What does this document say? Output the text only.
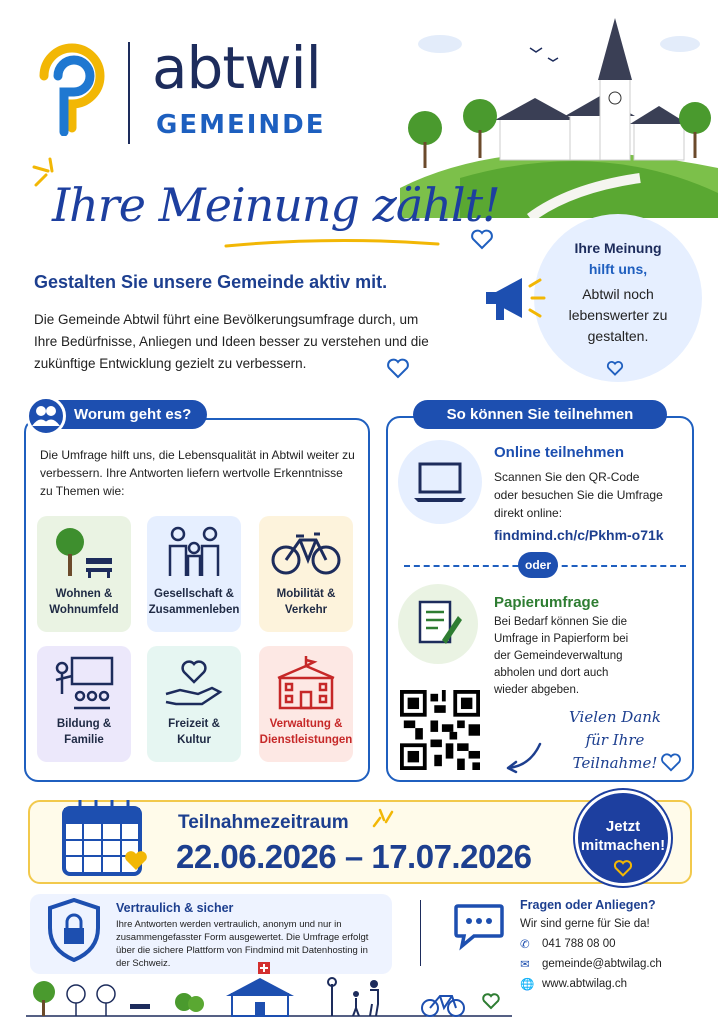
abtwil
GEMEINDE
Ihre Meinung zählt!
Gestalten Sie unsere Gemeinde aktiv mit.
Die Gemeinde Abtwil führt eine Bevölkerungsumfrage durch, um Ihre Bedürfnisse, Anliegen und Ideen besser zu verstehen und die zukünftige Entwicklung gezielt zu verbessern.
Ihre Meinung
hilft uns,
Abtwil noch lebenswerter zu gestalten.
Worum geht es?
Die Umfrage hilft uns, die Lebensqualität in Abtwil weiter zu verbessern. Ihre Antworten liefern wertvolle Erkenntnisse zu Themen wie:
Wohnen &
Wohnumfeld
Gesellschaft &
Zusammenleben
Mobilität &
Verkehr
Bildung &
Familie
Freizeit &
Kultur
Verwaltung &
Dienstleistungen
So können Sie teilnehmen
Online teilnehmen
Scannen Sie den QR-Code oder besuchen Sie die Umfrage direkt online:
findmind.ch/c/Pkhm-o71k
oder
Papierumfrage
Bei Bedarf können Sie die Umfrage in Papierform bei der Gemeindeverwaltung abholen und dort auch wieder abgeben.
Vielen Dank
für Ihre
Teilnahme!
Teilnahmezeitraum
22.06.2026 – 17.07.2026
Jetzt
mitmachen!
Vertraulich & sicher
Ihre Antworten werden vertraulich, anonym und nur in zusammengefasster Form ausgewertet. Die Umfrage erfolgt über die sichere Plattform von Findmind mit Datenhosting in der Schweiz.
Fragen oder Anliegen?
Wir sind gerne für Sie da!
✆	041 788 08 00
✉	gemeinde@abtwilag.ch
🌐 www.abtwilag.ch
